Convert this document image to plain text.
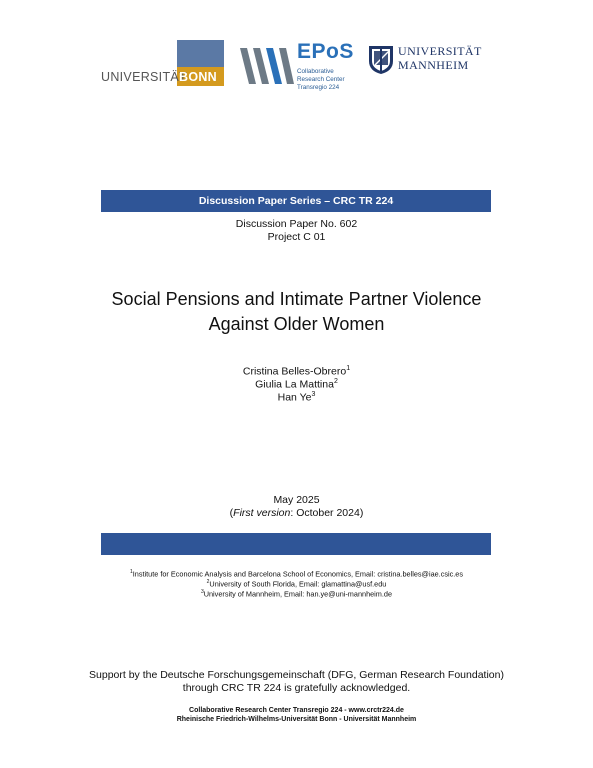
UNIVERSITÄT
BONN
EPoS
Collaborative
Research Center
Transregio 224
UNIVERSITÄT
MANNHEIM
Discussion Paper Series – CRC TR 224
Discussion Paper No. 602
Project C 01
Social Pensions and Intimate Partner Violence
Against Older Women
Cristina Belles-Obrero$^1$
Giulia La Mattina$^2$
Han Ye$^3$
May 2025
(First version: October 2024)
$^1$Institute for Economic Analysis and Barcelona School of Economics, Email: cristina.belles@iae.csic.es
$^2$University of South Florida, Email: glamattina@usf.edu
$^3$University of Mannheim, Email: han.ye@uni-mannheim.de
Support by the Deutsche Forschungsgemeinschaft (DFG, German Research Foundation)
through CRC TR 224 is gratefully acknowledged.
Collaborative Research Center Transregio 224 - www.crctr224.de
Rheinische Friedrich-Wilhelms-Universität Bonn - Universität Mannheim
